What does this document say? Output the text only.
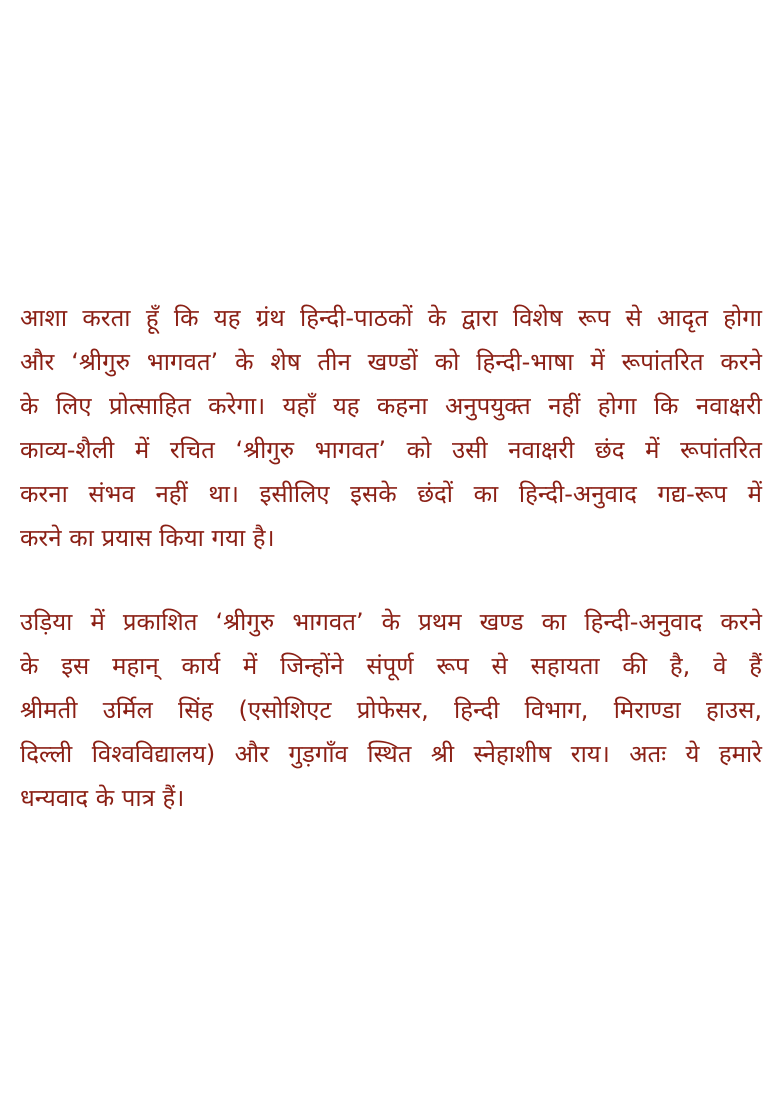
आशा करता हूँ कि यह ग्रंथ हिन्दी-पाठकों के द्वारा विशेष रूप से आदृत होगा
और ‘श्रीगुरु भागवत’ के शेष तीन खण्डों को हिन्दी-भाषा में रूपांतरित करने
के लिए प्रोत्साहित करेगा। यहाँ यह कहना अनुपयुक्त नहीं होगा कि नवाक्षरी
काव्य-शैली में रचित ‘श्रीगुरु भागवत’ को उसी नवाक्षरी छंद में रूपांतरित
करना संभव नहीं था। इसीलिए इसके छंदों का हिन्दी-अनुवाद गद्य-रूप में
करने का प्रयास किया गया है।

उड़िया में प्रकाशित ‘श्रीगुरु भागवत’ के प्रथम खण्ड का हिन्दी-अनुवाद करने
के इस महान् कार्य में जिन्होंने संपूर्ण रूप से सहायता की है, वे हैं
श्रीमती उर्मिल सिंह (एसोशिएट प्रोफेसर, हिन्दी विभाग, मिराण्डा हाउस,
दिल्ली विश्वविद्यालय) और गुड़गाँव स्थित श्री स्नेहाशीष राय। अतः ये हमारे
धन्यवाद के पात्र हैं।
